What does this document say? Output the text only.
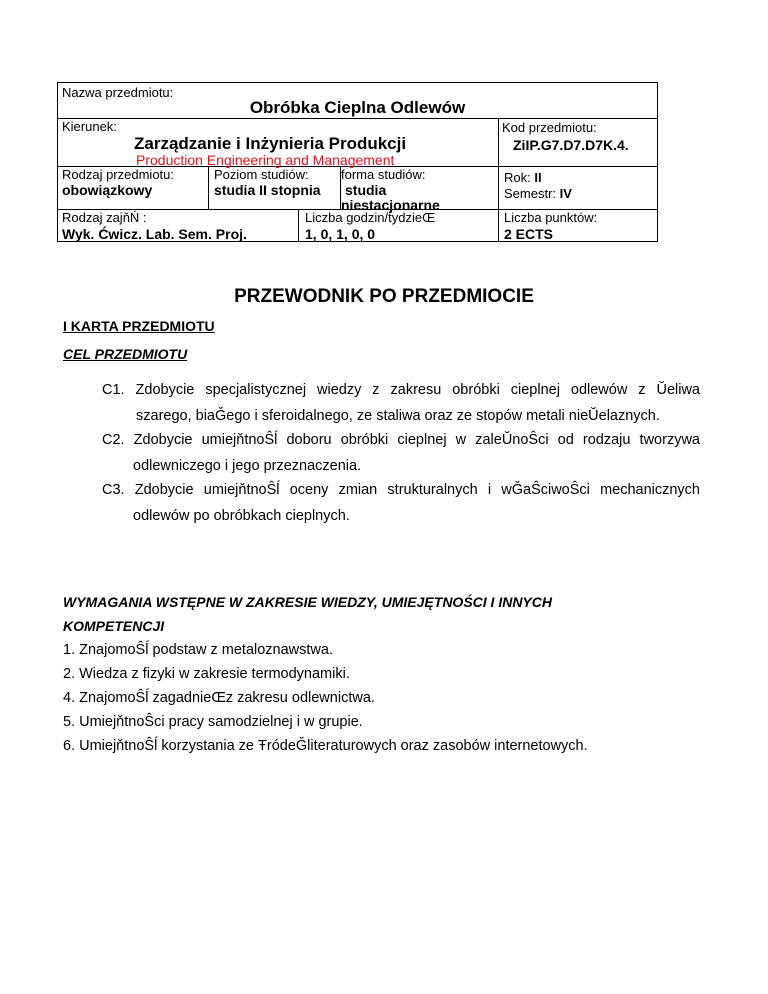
Nazwa przedmiotu:
Obróbka Cieplna Odlewów
Kierunek:
Zarządzanie i Inżynieria Produkcji
Production Engineering and Management
Kod przedmiotu:
ZiIP.G7.D7.D7K.4.
Rodzaj przedmiotu:
obowiązkowy
Poziom studiów:
studia II stopnia
forma studiów:
studia
niestacjonarne
Rok: II
Semestr: IV
Rodzaj zajňŃ :
Wyk. Ćwicz. Lab. Sem. Proj.
Liczba godzin/tydzieŒ
1, 0, 1, 0, 0
Liczba punktów:
2 ECTS
PRZEWODNIK PO PRZEDMIOCIE
I KARTA PRZEDMIOTU
CEL PRZEDMIOTU
C1. Zdobycie specjalistycznej wiedzy z zakresu obróbki cieplnej odlewów z Ŭeliwa
szarego, biaǦego i sferoidalnego, ze staliwa oraz ze stopów metali nieŬelaznych.
C2. Zdobycie umiejňtnoŜĺ doboru obróbki cieplnej w zaleŬnoŜci od rodzaju tworzywa
odlewniczego i jego przeznaczenia.
C3. Zdobycie umiejňtnoŜĺ oceny zmian strukturalnych i wǦaŜciwoŜci mechanicznych
odlewów po obróbkach cieplnych.
WYMAGANIA WSTĘPNE W ZAKRESIE WIEDZY, UMIEJĘTNOŚCI I INNYCH
KOMPETENCJI
1. ZnajomoŜĺ podstaw z metaloznawstwa.
2. Wiedza z fizyki w zakresie termodynamiki.
4. ZnajomoŜĺ zagadnieŒz zakresu odlewnictwa.
5. UmiejňtnoŜci pracy samodzielnej i w grupie.
6. UmiejňtnoŜĺ korzystania ze ŦródeǦliteraturowych oraz zasobów internetowych.
